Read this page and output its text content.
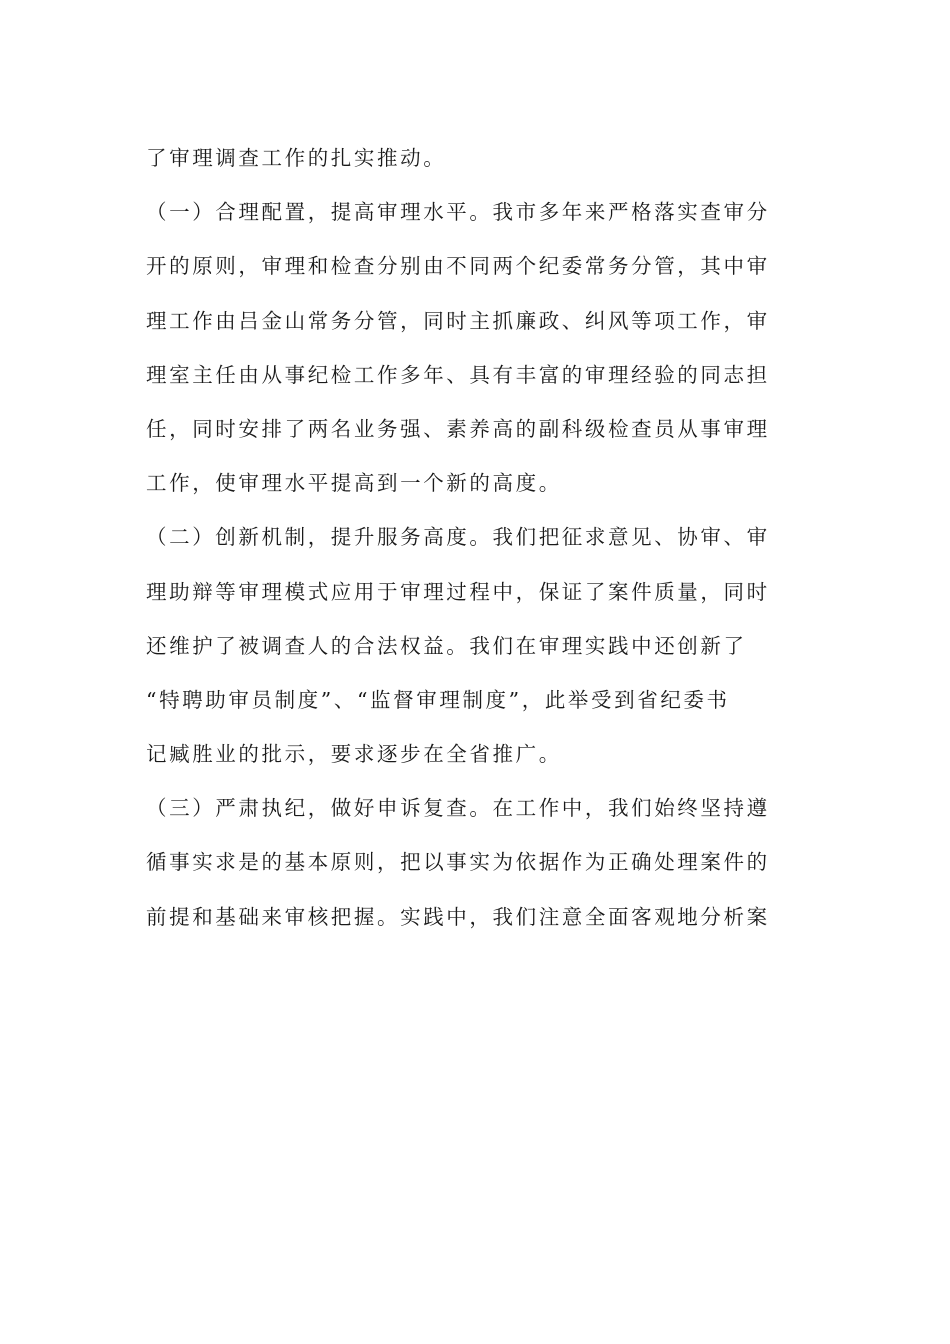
了审理调查工作的扎实推动。
（一）合理配置，提高审理水平。我市多年来严格落实查审分
开的原则，审理和检查分别由不同两个纪委常务分管，其中审
理工作由吕金山常务分管，同时主抓廉政、纠风等项工作，审
理室主任由从事纪检工作多年、具有丰富的审理经验的同志担
任，同时安排了两名业务强、素养高的副科级检查员从事审理
工作，使审理水平提高到一个新的高度。
（二）创新机制，提升服务高度。我们把征求意见、协审、审
理助辩等审理模式应用于审理过程中，保证了案件质量，同时
还维护了被调查人的合法权益。我们在审理实践中还创新了
“特聘助审员制度”、“监督审理制度”，此举受到省纪委书
记臧胜业的批示，要求逐步在全省推广。
（三）严肃执纪，做好申诉复查。在工作中，我们始终坚持遵
循事实求是的基本原则，把以事实为依据作为正确处理案件的
前提和基础来审核把握。实践中，我们注意全面客观地分析案
